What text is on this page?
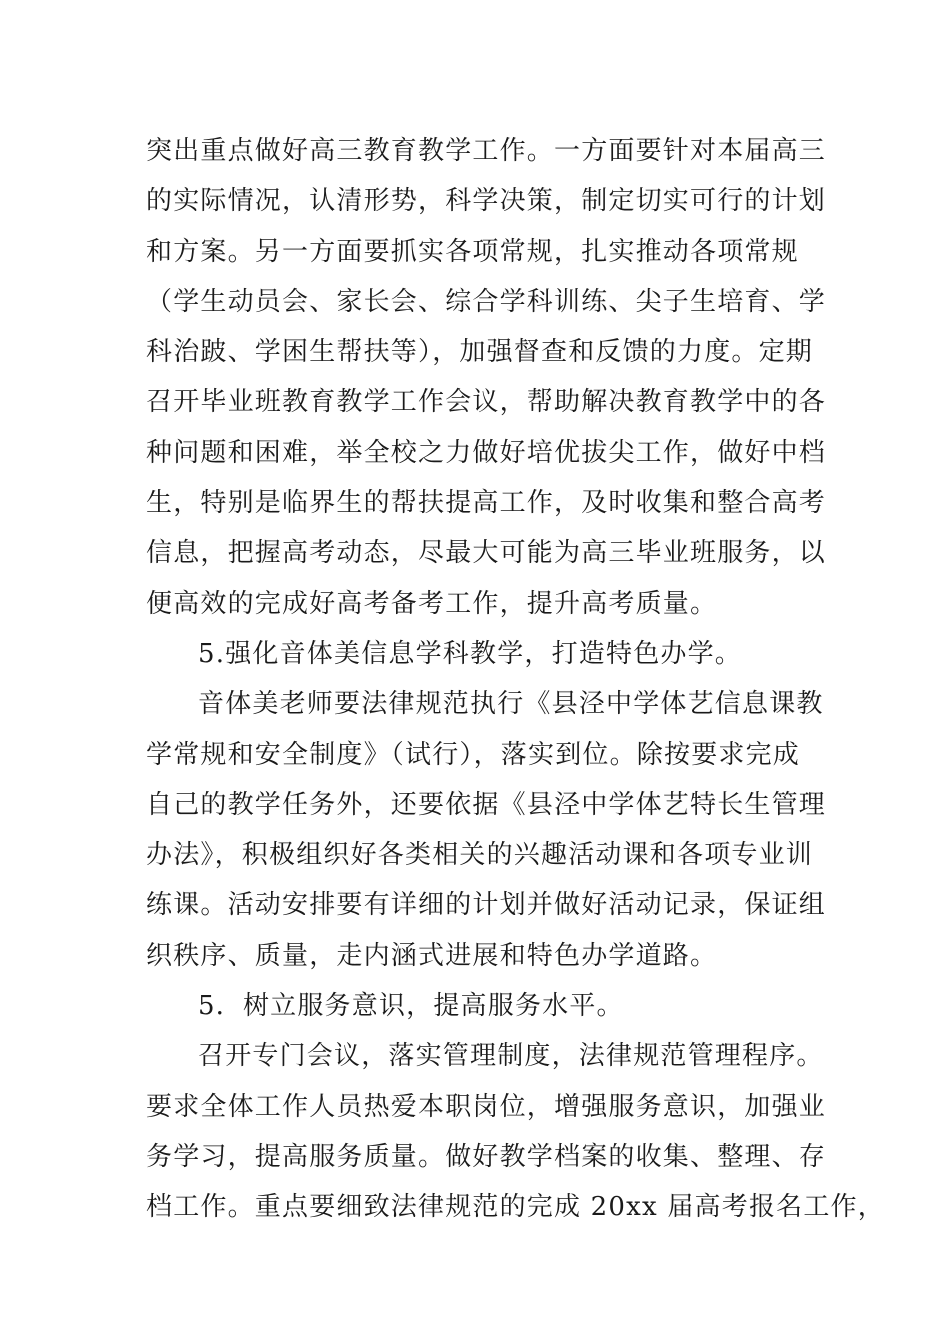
突出重点做好高三教育教学工作。一方面要针对本届高三
的实际情况，认清形势，科学决策，制定切实可行的计划
和方案。另一方面要抓实各项常规，扎实推动各项常规
（学生动员会、家长会、综合学科训练、尖子生培育、学
科治跛、学困生帮扶等），加强督查和反馈的力度。定期
召开毕业班教育教学工作会议，帮助解决教育教学中的各
种问题和困难，举全校之力做好培优拔尖工作，做好中档
生，特别是临界生的帮扶提高工作，及时收集和整合高考
信息，把握高考动态，尽最大可能为高三毕业班服务，以
便高效的完成好高考备考工作，提升高考质量。
5.强化音体美信息学科教学，打造特色办学。
音体美老师要法律规范执行《县泾中学体艺信息课教
学常规和安全制度》（试行），落实到位。除按要求完成
自己的教学任务外，还要依据《县泾中学体艺特长生管理
办法》，积极组织好各类相关的兴趣活动课和各项专业训
练课。活动安排要有详细的计划并做好活动记录，保证组
织秩序、质量，走内涵式进展和特色办学道路。
5．树立服务意识，提高服务水平。
召开专门会议，落实管理制度，法律规范管理程序。
要求全体工作人员热爱本职岗位，增强服务意识，加强业
务学习，提高服务质量。做好教学档案的收集、整理、存
档工作。重点要细致法律规范的完成 20xx 届高考报名工作，
